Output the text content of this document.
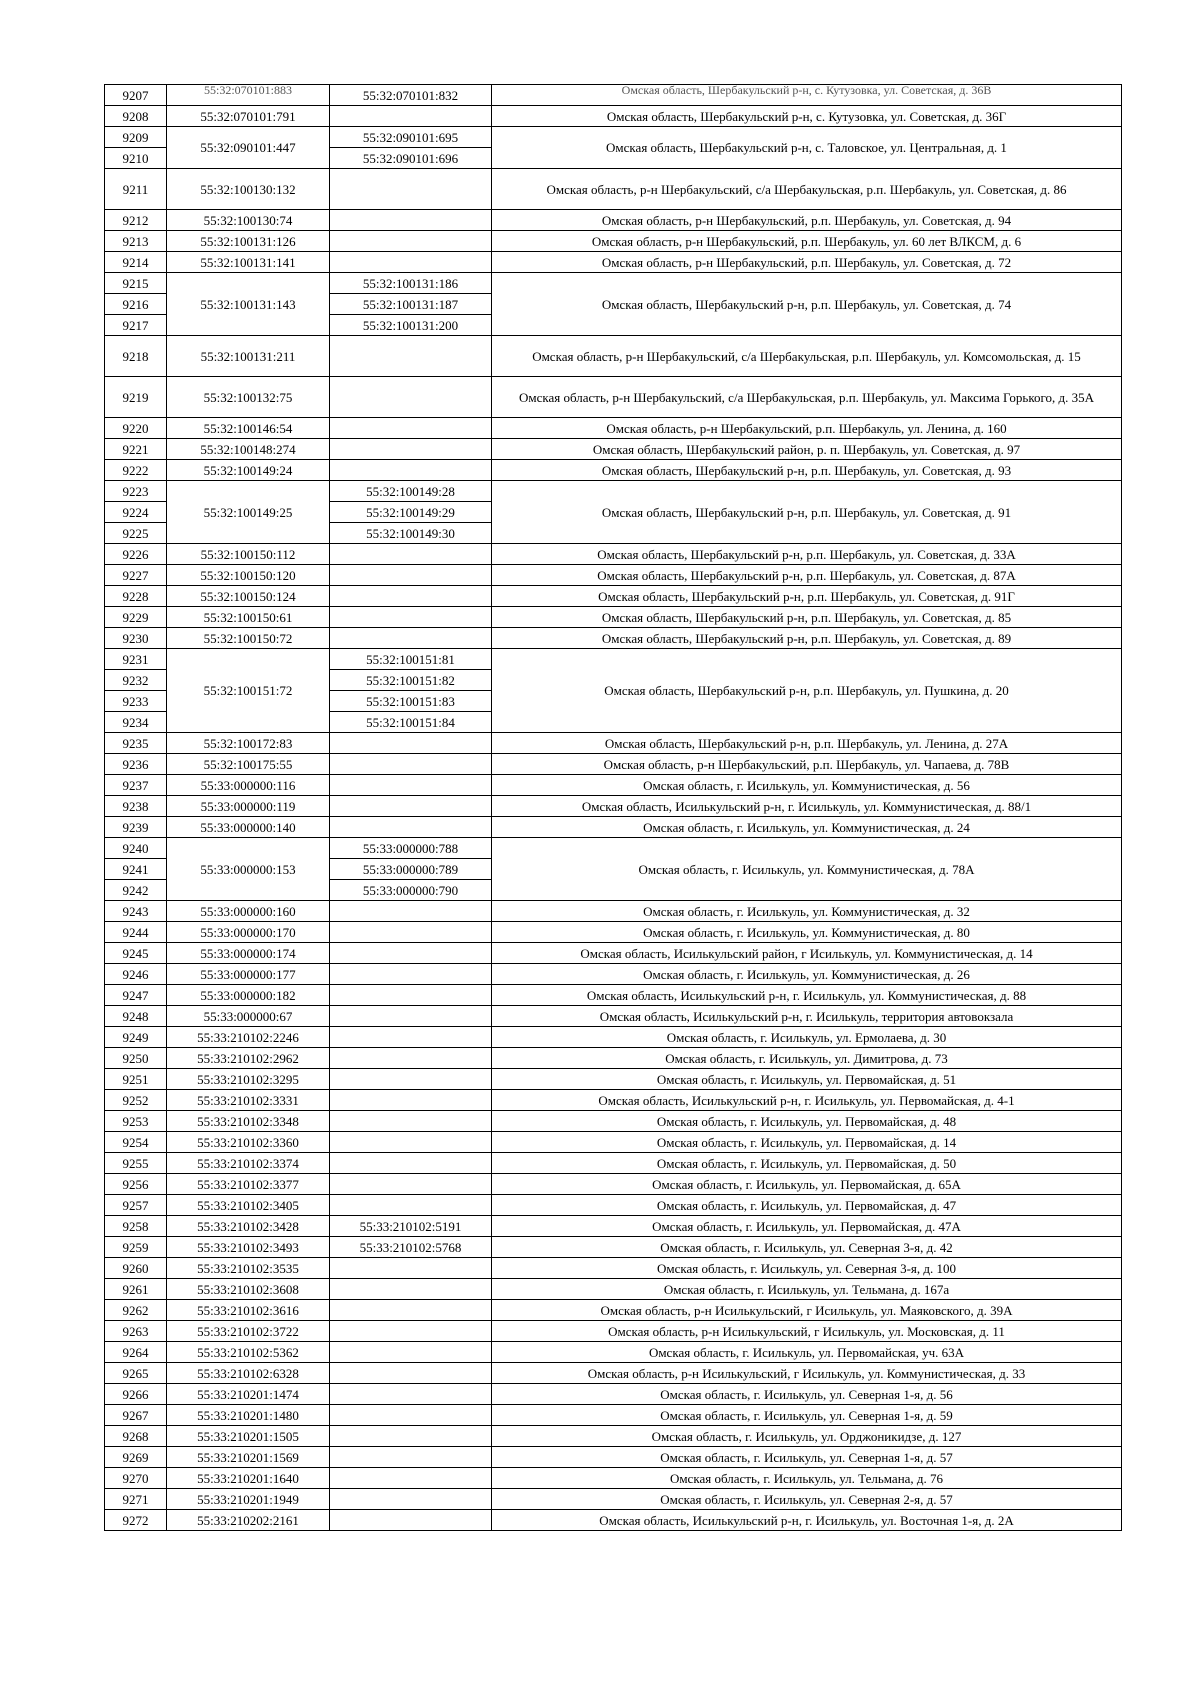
9207	55:32:070101:883	55:32:070101:832	Омская область, Шербакульский р-н, с. Кутузовка, ул. Советская, д. 36В
9208	55:32:070101:791		Омская область, Шербакульский р-н, с. Кутузовка, ул. Советская, д. 36Г
9209	55:32:090101:447	55:32:090101:695	Омская область, Шербакульский р-н, с. Таловское, ул. Центральная, д. 1
9210		55:32:090101:696	
9211	55:32:100130:132		Омская область, р-н Шербакульский, с/а Шербакульская, р.п. Шербакуль, ул. Советская, д. 86
9212	55:32:100130:74		Омская область, р-н Шербакульский, р.п. Шербакуль, ул. Советская, д. 94
9213	55:32:100131:126		Омская область, р-н Шербакульский, р.п. Шербакуль, ул. 60 лет ВЛКСМ, д. 6
9214	55:32:100131:141		Омская область, р-н Шербакульский, р.п. Шербакуль, ул. Советская, д. 72
9215	55:32:100131:143	55:32:100131:186	Омская область, Шербакульский р-н, р.п. Шербакуль, ул. Советская, д. 74
9216		55:32:100131:187	
9217		55:32:100131:200	
9218	55:32:100131:211		Омская область, р-н Шербакульский, с/а Шербакульская, р.п. Шербакуль, ул. Комсомольская, д. 15
9219	55:32:100132:75		Омская область, р-н Шербакульский, с/а Шербакульская, р.п. Шербакуль, ул. Максима Горького, д. 35А
9220	55:32:100146:54		Омская область, р-н Шербакульский, р.п. Шербакуль, ул. Ленина, д. 160
9221	55:32:100148:274		Омская область, Шербакульский район, р. п. Шербакуль, ул. Советская, д. 97
9222	55:32:100149:24		Омская область, Шербакульский р-н, р.п. Шербакуль, ул. Советская, д. 93
9223	55:32:100149:25	55:32:100149:28	Омская область, Шербакульский р-н, р.п. Шербакуль, ул. Советская, д. 91
9224		55:32:100149:29	
9225		55:32:100149:30	
9226	55:32:100150:112		Омская область, Шербакульский р-н, р.п. Шербакуль, ул. Советская, д. 33А
9227	55:32:100150:120		Омская область, Шербакульский р-н, р.п. Шербакуль, ул. Советская, д. 87А
9228	55:32:100150:124		Омская область, Шербакульский р-н, р.п. Шербакуль, ул. Советская, д. 91Г
9229	55:32:100150:61		Омская область, Шербакульский р-н, р.п. Шербакуль, ул. Советская, д. 85
9230	55:32:100150:72		Омская область, Шербакульский р-н, р.п. Шербакуль, ул. Советская, д. 89
9231	55:32:100151:72	55:32:100151:81	Омская область, Шербакульский р-н, р.п. Шербакуль, ул. Пушкина, д. 20
9232		55:32:100151:82	
9233		55:32:100151:83	
9234		55:32:100151:84	
9235	55:32:100172:83		Омская область, Шербакульский р-н, р.п. Шербакуль, ул. Ленина, д. 27А
9236	55:32:100175:55		Омская область, р-н Шербакульский, р.п. Шербакуль, ул. Чапаева, д. 78В
9237	55:33:000000:116		Омская область, г. Исилькуль, ул. Коммунистическая, д. 56
9238	55:33:000000:119		Омская область, Исилькульский р-н, г. Исилькуль, ул. Коммунистическая, д. 88/1
9239	55:33:000000:140		Омская область, г. Исилькуль, ул. Коммунистическая, д. 24
9240	55:33:000000:153	55:33:000000:788	Омская область, г. Исилькуль, ул. Коммунистическая, д. 78А
9241		55:33:000000:789	
9242		55:33:000000:790	
9243	55:33:000000:160		Омская область, г. Исилькуль, ул. Коммунистическая, д. 32
9244	55:33:000000:170		Омская область, г. Исилькуль, ул. Коммунистическая, д. 80
9245	55:33:000000:174		Омская область, Исилькульский район, г Исилькуль, ул. Коммунистическая, д. 14
9246	55:33:000000:177		Омская область, г. Исилькуль, ул. Коммунистическая, д. 26
9247	55:33:000000:182		Омская область, Исилькульский р-н, г. Исилькуль, ул. Коммунистическая, д. 88
9248	55:33:000000:67		Омская область, Исилькульский р-н, г. Исилькуль, территория автовокзала
9249	55:33:210102:2246		Омская область, г. Исилькуль, ул. Ермолаева, д. 30
9250	55:33:210102:2962		Омская область, г. Исилькуль, ул. Димитрова, д. 73
9251	55:33:210102:3295		Омская область, г. Исилькуль, ул. Первомайская, д. 51
9252	55:33:210102:3331		Омская область, Исилькульский р-н, г. Исилькуль, ул. Первомайская, д. 4-1
9253	55:33:210102:3348		Омская область, г. Исилькуль, ул. Первомайская, д. 48
9254	55:33:210102:3360		Омская область, г. Исилькуль, ул. Первомайская, д. 14
9255	55:33:210102:3374		Омская область, г. Исилькуль, ул. Первомайская, д. 50
9256	55:33:210102:3377		Омская область, г. Исилькуль, ул. Первомайская, д. 65А
9257	55:33:210102:3405		Омская область, г. Исилькуль, ул. Первомайская, д. 47
9258	55:33:210102:3428	55:33:210102:5191	Омская область, г. Исилькуль, ул. Первомайская, д. 47А
9259	55:33:210102:3493	55:33:210102:5768	Омская область, г. Исилькуль, ул. Северная 3-я, д. 42
9260	55:33:210102:3535		Омская область, г. Исилькуль, ул. Северная 3-я, д. 100
9261	55:33:210102:3608		Омская область, г. Исилькуль, ул. Тельмана, д. 167а
9262	55:33:210102:3616		Омская область, р-н Исилькульский, г Исилькуль, ул. Маяковского, д. 39А
9263	55:33:210102:3722		Омская область, р-н Исилькульский, г Исилькуль, ул. Московская, д. 11
9264	55:33:210102:5362		Омская область, г. Исилькуль, ул. Первомайская, уч. 63А
9265	55:33:210102:6328		Омская область, р-н Исилькульский, г Исилькуль, ул. Коммунистическая, д. 33
9266	55:33:210201:1474		Омская область, г. Исилькуль, ул. Северная 1-я, д. 56
9267	55:33:210201:1480		Омская область, г. Исилькуль, ул. Северная 1-я, д. 59
9268	55:33:210201:1505		Омская область, г. Исилькуль, ул. Орджоникидзе, д. 127
9269	55:33:210201:1569		Омская область, г. Исилькуль, ул. Северная 1-я, д. 57
9270	55:33:210201:1640		Омская область, г. Исилькуль, ул. Тельмана, д. 76
9271	55:33:210201:1949		Омская область, г. Исилькуль, ул. Северная 2-я, д. 57
9272	55:33:210202:2161		Омская область, Исилькульский р-н, г. Исилькуль, ул. Восточная 1-я, д. 2А
